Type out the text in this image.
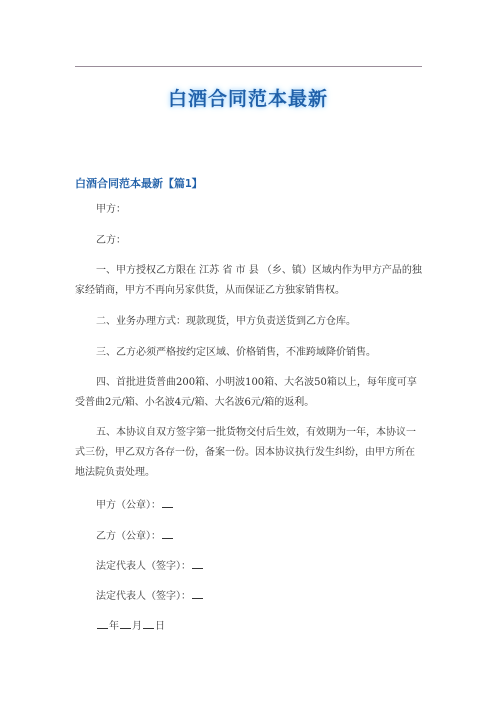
白酒合同范本最新
白酒合同范本最新【篇1】
甲方：
乙方：
一、甲方授权乙方限在 江苏 省 市 县 （乡、镇）区域内作为甲方产品的独家经销商，甲方不再向另家供货，从而保证乙方独家销售权。
二、业务办理方式：现款现货，甲方负责送货到乙方仓库。
三、乙方必须严格按约定区域、价格销售，不准跨域降价销售。
四、首批进货普曲200箱、小明波100箱、大名波50箱以上，每年度可享受普曲2元/箱、小名波4元/箱、大名波6元/箱的返利。
五、本协议自双方签字第一批货物交付后生效，有效期为一年，本协议一式三份，甲乙双方各存一份，备案一份。因本协议执行发生纠纷，由甲方所在地法院负责处理。
甲方（公章）：
乙方（公章）：
法定代表人（签字）：
法定代表人（签字）：
年 月 日
